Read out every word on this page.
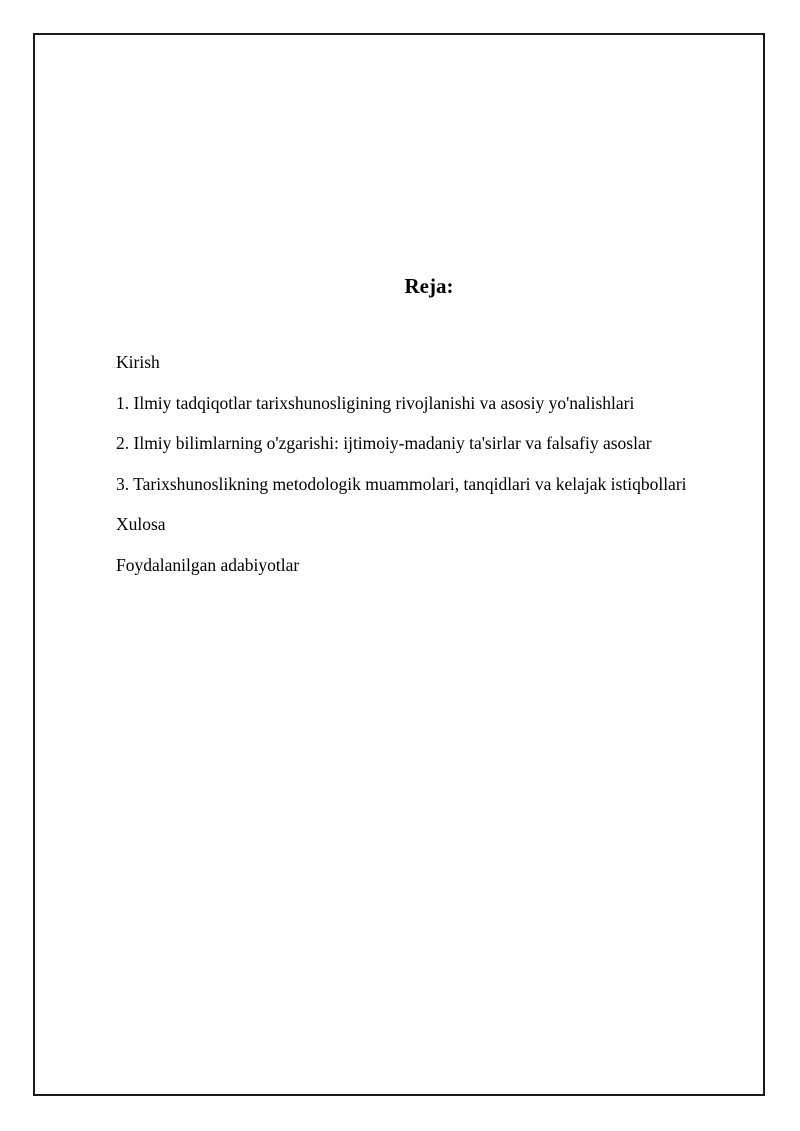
Reja:
Kirish
1. Ilmiy tadqiqotlar tarixshunosligining rivojlanishi va asosiy yo'nalishlari
2. Ilmiy bilimlarning o'zgarishi: ijtimoiy-madaniy ta'sirlar va falsafiy asoslar
3. Tarixshunoslikning metodologik muammolari, tanqidlari va kelajak istiqbollari
Xulosa
Foydalanilgan adabiyotlar
